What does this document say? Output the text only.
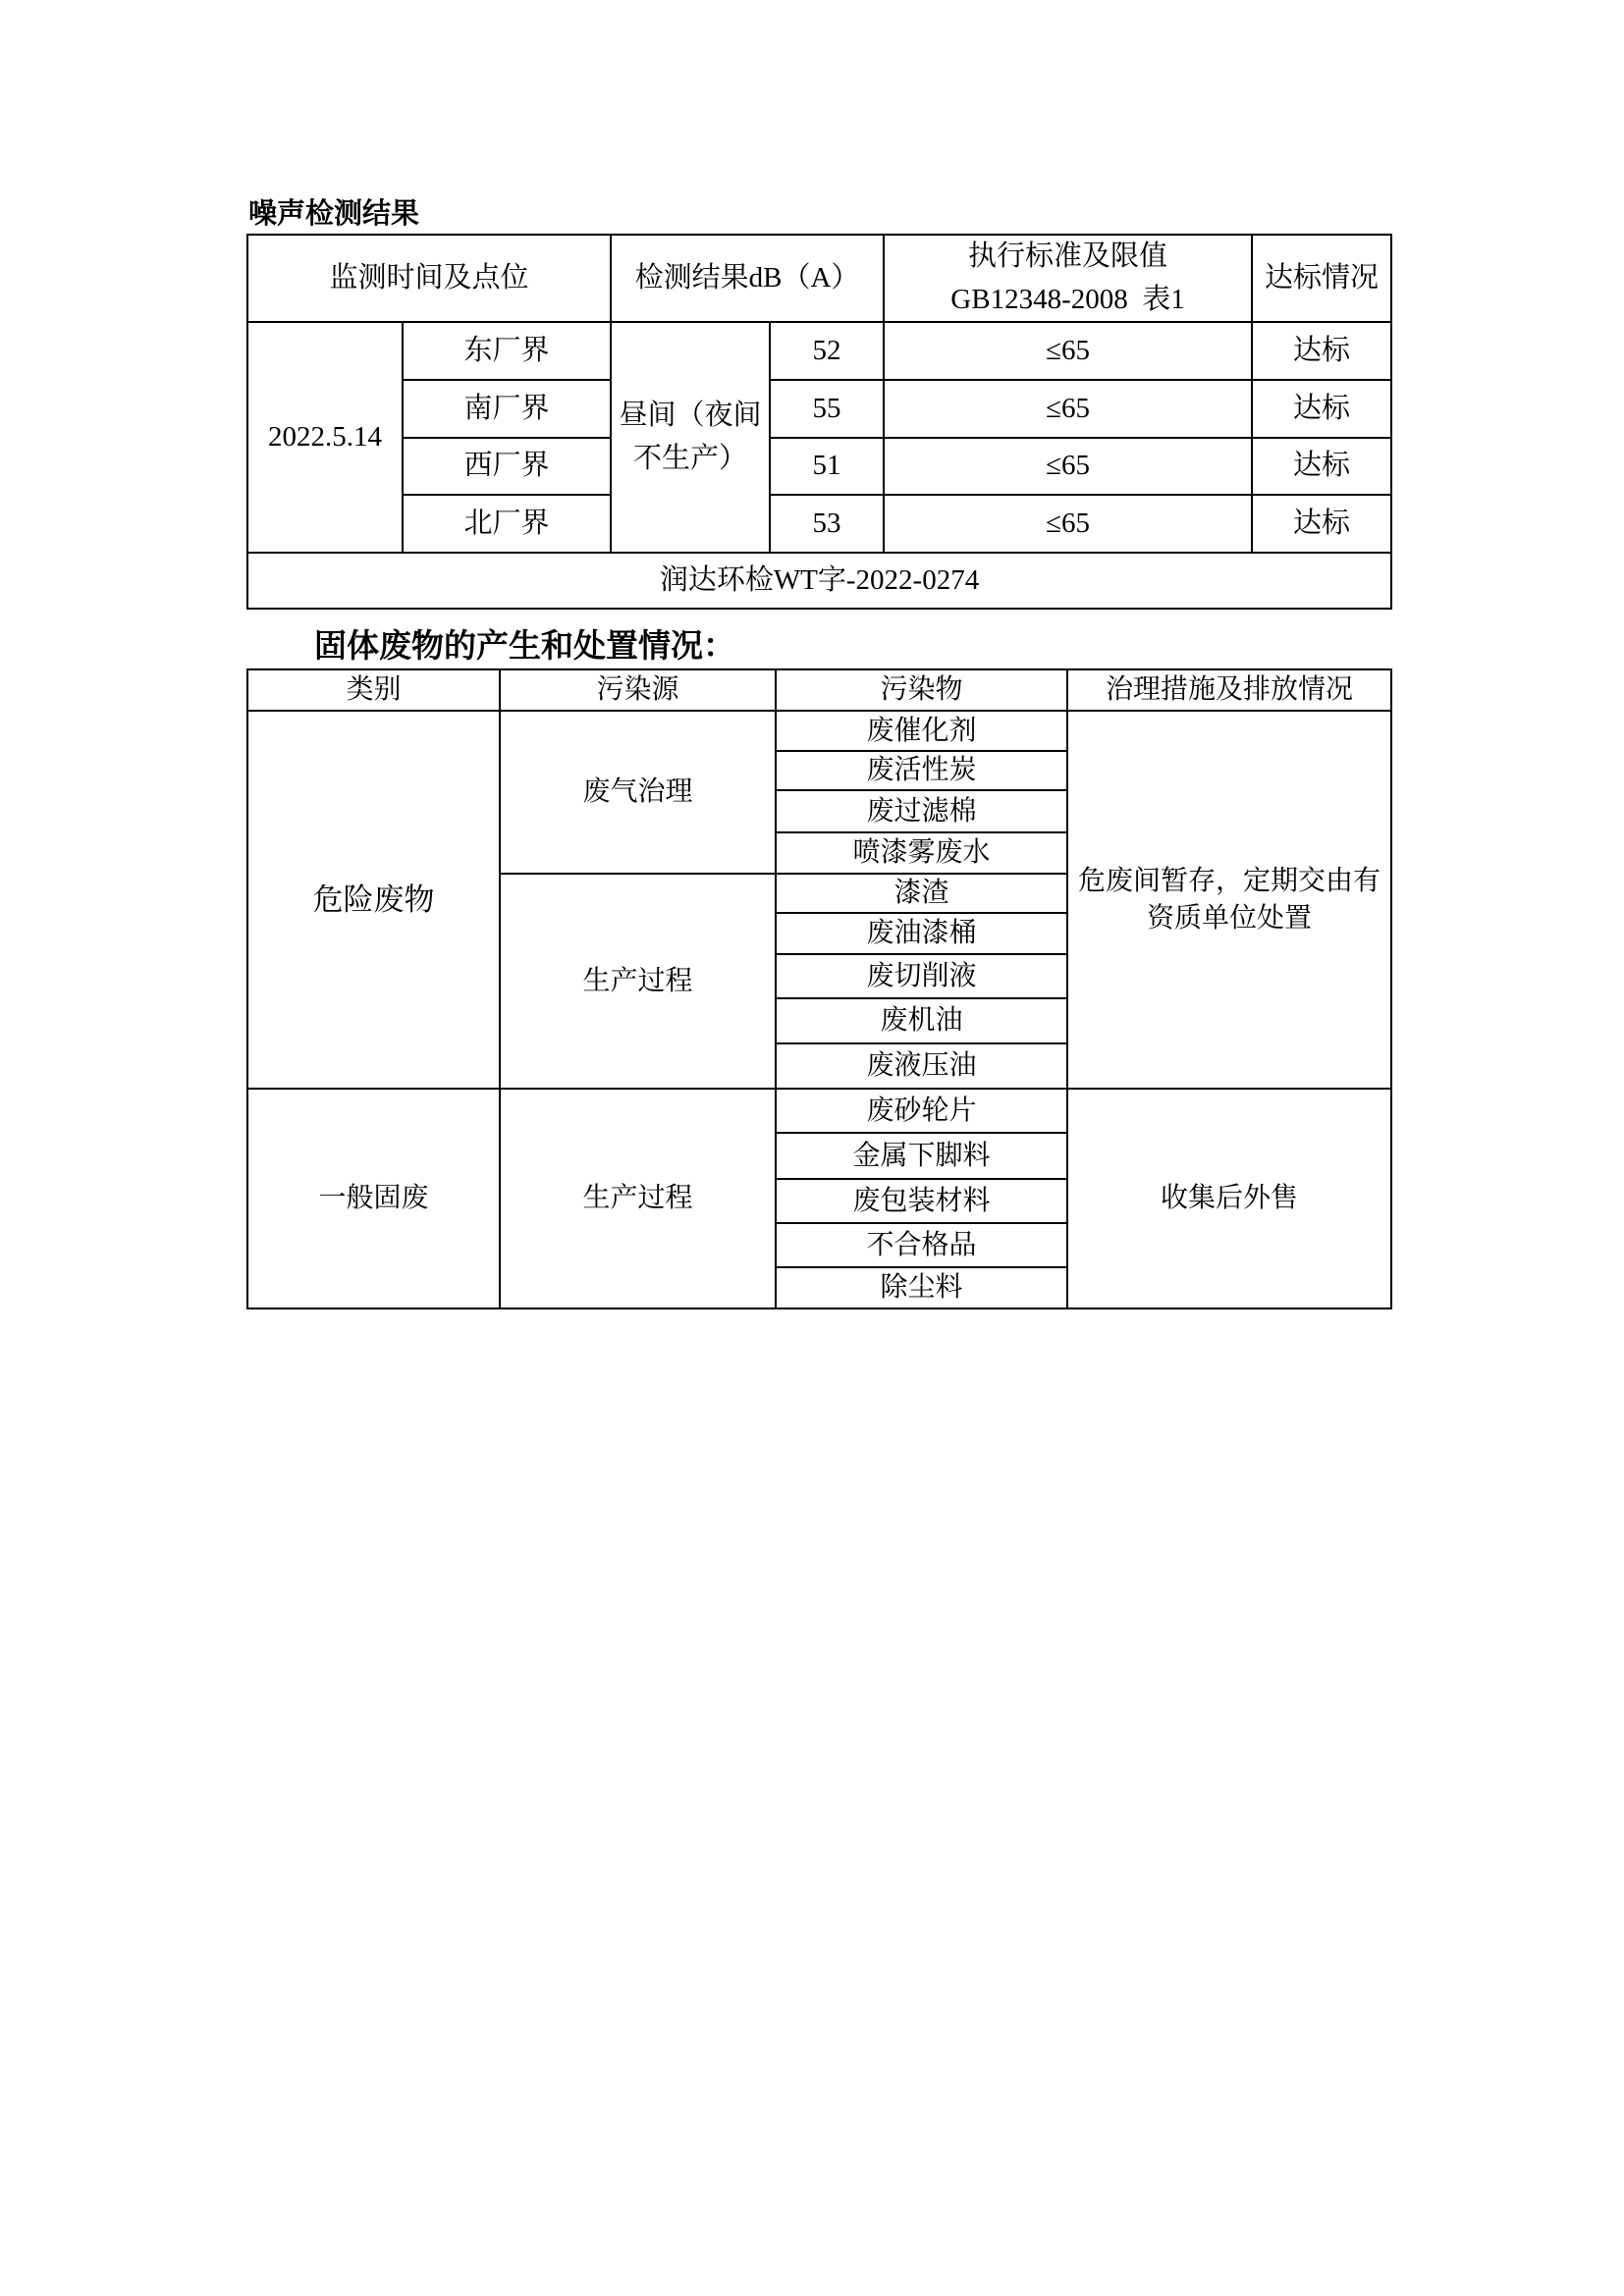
噪声检测结果
监测时间及点位		检测结果dB（A）		执行标准及限值
GB12348-2008  表1	达标情况
2022.5.14	东厂界	昼间（夜间不生产）	52	≤65	达标
	南厂界		55	≤65	达标
	西厂界		51	≤65	达标
	北厂界		53	≤65	达标
润达环检WT字-2022-0274					
固体废物的产生和处置情况：
类别	污染源	污染物	治理措施及排放情况
危险废物	废气治理	废催化剂	危废间暂存，定期交由有资质单位处置
		废活性炭	
		废过滤棉	
		喷漆雾废水	
	生产过程	漆渣	
		废油漆桶	
		废切削液	
		废机油	
		废液压油	
一般固废	生产过程	废砂轮片	收集后外售
		金属下脚料	
		废包装材料	
		不合格品	
		除尘料	
